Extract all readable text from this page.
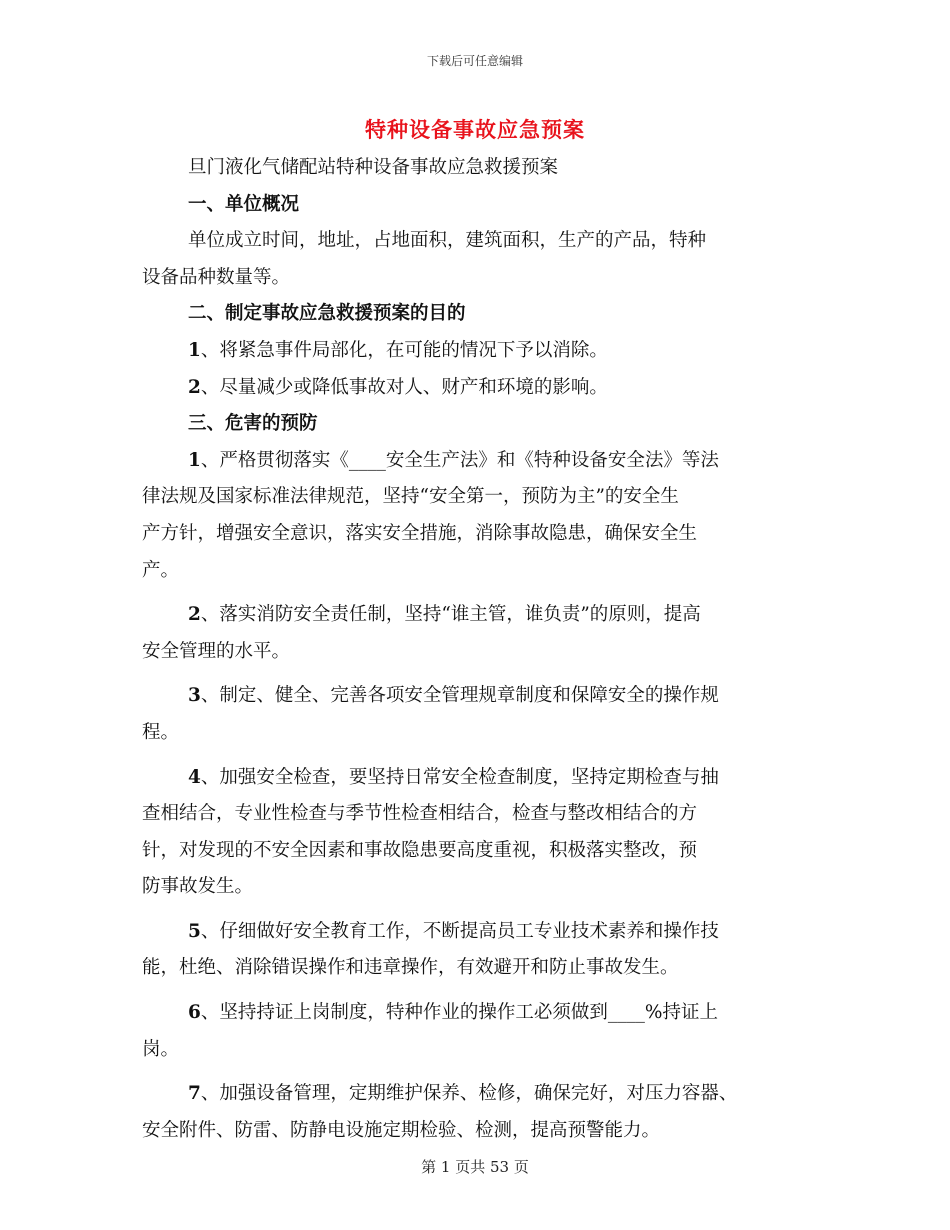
下载后可任意编辑
特种设备事故应急预案
旦门液化气储配站特种设备事故应急救援预案
一、单位概况
单位成立时间，地址，占地面积，建筑面积，生产的产品，特种
设备品种数量等。
二、制定事故应急救援预案的目的
1、将紧急事件局部化，在可能的情况下予以消除。
2、尽量减少或降低事故对人、财产和环境的影响。
三、危害的预防
1、严格贯彻落实《____安全生产法》和《特种设备安全法》等法
律法规及国家标准法律规范，坚持“安全第一，预防为主”的安全生
产方针，增强安全意识，落实安全措施，消除事故隐患，确保安全生
产。
2、落实消防安全责任制，坚持“谁主管，谁负责”的原则，提高
安全管理的水平。
3、制定、健全、完善各项安全管理规章制度和保障安全的操作规
程。
4、加强安全检查，要坚持日常安全检查制度，坚持定期检查与抽
查相结合，专业性检查与季节性检查相结合，检查与整改相结合的方
针，对发现的不安全因素和事故隐患要高度重视，积极落实整改，预
防事故发生。
5、仔细做好安全教育工作，不断提高员工专业技术素养和操作技
能，杜绝、消除错误操作和违章操作，有效避开和防止事故发生。
6、坚持持证上岗制度，特种作业的操作工必须做到____%持证上
岗。
7、加强设备管理，定期维护保养、检修，确保完好，对压力容器、
安全附件、防雷、防静电设施定期检验、检测，提高预警能力。
第 1 页共 53 页
